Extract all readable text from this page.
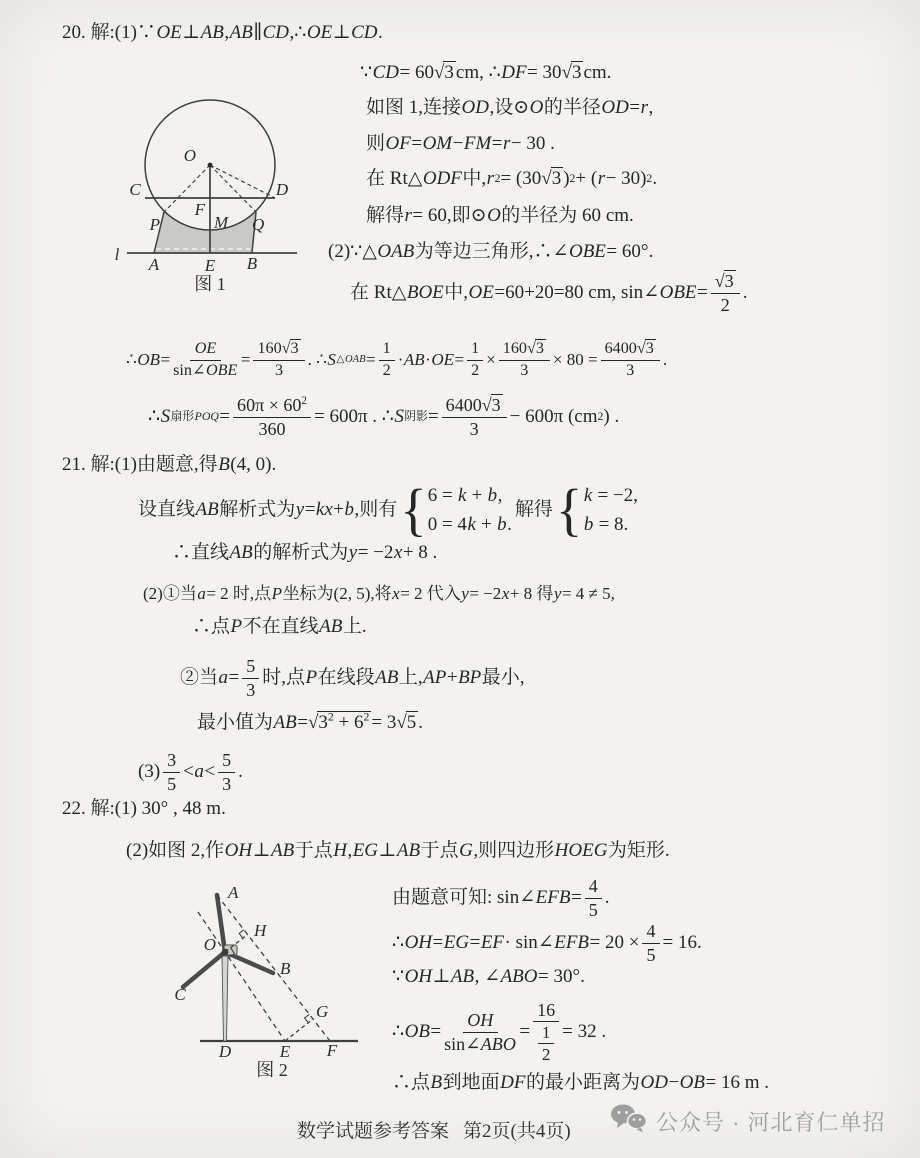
20. 解:(1)∵ OE ⊥ AB , AB ∥ CD ,∴ OE ⊥ CD .
∵ CD = 60 √3 cm, ∴ DF = 30 √3 cm.
如图 1,连接 OD ,设⊙ O 的半径 OD = r ,
则 OF = OM − FM = r − 30 .
在 Rt△ ODF 中, r 2 = (30 √3 ) 2 + ( r − 30) 2 .
解得 r = 60,即⊙ O 的半径为 60 cm.
(2)∵△ OAB 为等边三角形,∴∠ OBE = 60°.
在 Rt△ BOE 中, OE =60+20=80 cm, sin∠ OBE =
√3
2
.
∴ OB =
OE
sin∠OBE
=
160√3
3
. ∴ S △OAB =
1
2
· AB · OE =
1
2
×
160√3
3
× 80 =
6400√3
3
.
∴ S 扇形POQ =
$60\pi \times 60^2$
360
= 600π . ∴ S 阴影 =
6400√3
3
− 600π (cm 2 ) .
O
C	D
F
M
P	Q
l
A	E B
图 1
21. 解:(1)由题意,得 B (4, 0).
设直线 AB 解析式为 y = kx + b ,则有 { 6 = k + b,
0 = 4k + b.
解得 { k = −2,
b = 8.
∴直线 AB 的解析式为 y = −2 x + 8 .
(2)①当 a = 2 时,点 P 坐标为(2, 5),将 x = 2 代入 y = −2 x + 8 得 y = 4 ≠ 5,
∴点 P 不在直线 AB 上.
②当 a =
5
3
时,点 P 在线段 AB 上, AP + BP 最小,
最小值为 AB = $√3^2 + 6^2 = 3$ √5 .
(3)
3
5
< a <
5
3
.
22. 解:(1) 30° , 48 m.
(2)如图 2,作 OH ⊥ AB 于点 H , EG ⊥ AB 于点 G ,则四边形 HOEG 为矩形.
由题意可知: sin∠ EFB =
4
5
.
∴ OH = EG = EF · sin∠ EFB = 20 ×
4
5
= 16.
∵ OH ⊥ AB , ∠ ABO = 30°.
∴ OB =
OH
sin∠ABO
=
16
$\frac{1}{2} = 32$ .
∴点 B 到地面 DF 的最小距离为 OD − OB = 16 m .
A
H
O
B
C
G
D	E F
图 2
数学试题参考答案 第2页(共4页)	公众号 · 河北育仁单招
